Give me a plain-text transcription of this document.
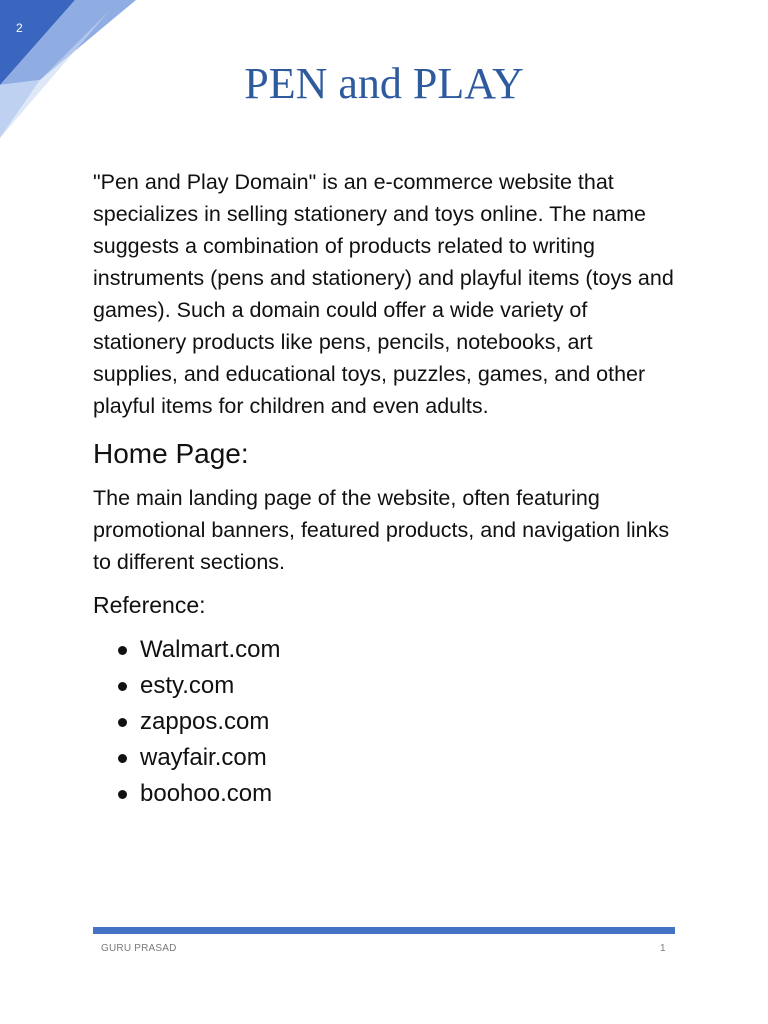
2
PEN and PLAY

"Pen and Play Domain" is an e-commerce website that specializes in selling stationery and toys online. The name suggests a combination of products related to writing instruments (pens and stationery) and playful items (toys and games). Such a domain could offer a wide variety of stationery products like pens, pencils, notebooks, art supplies, and educational toys, puzzles, games, and other playful items for children and even adults.

Home Page:

The main landing page of the website, often featuring promotional banners, featured products, and navigation links to different sections.

Reference:
Walmart.com
esty.com
zappos.com
wayfair.com
boohoo.com
GURU PRASAD	1
